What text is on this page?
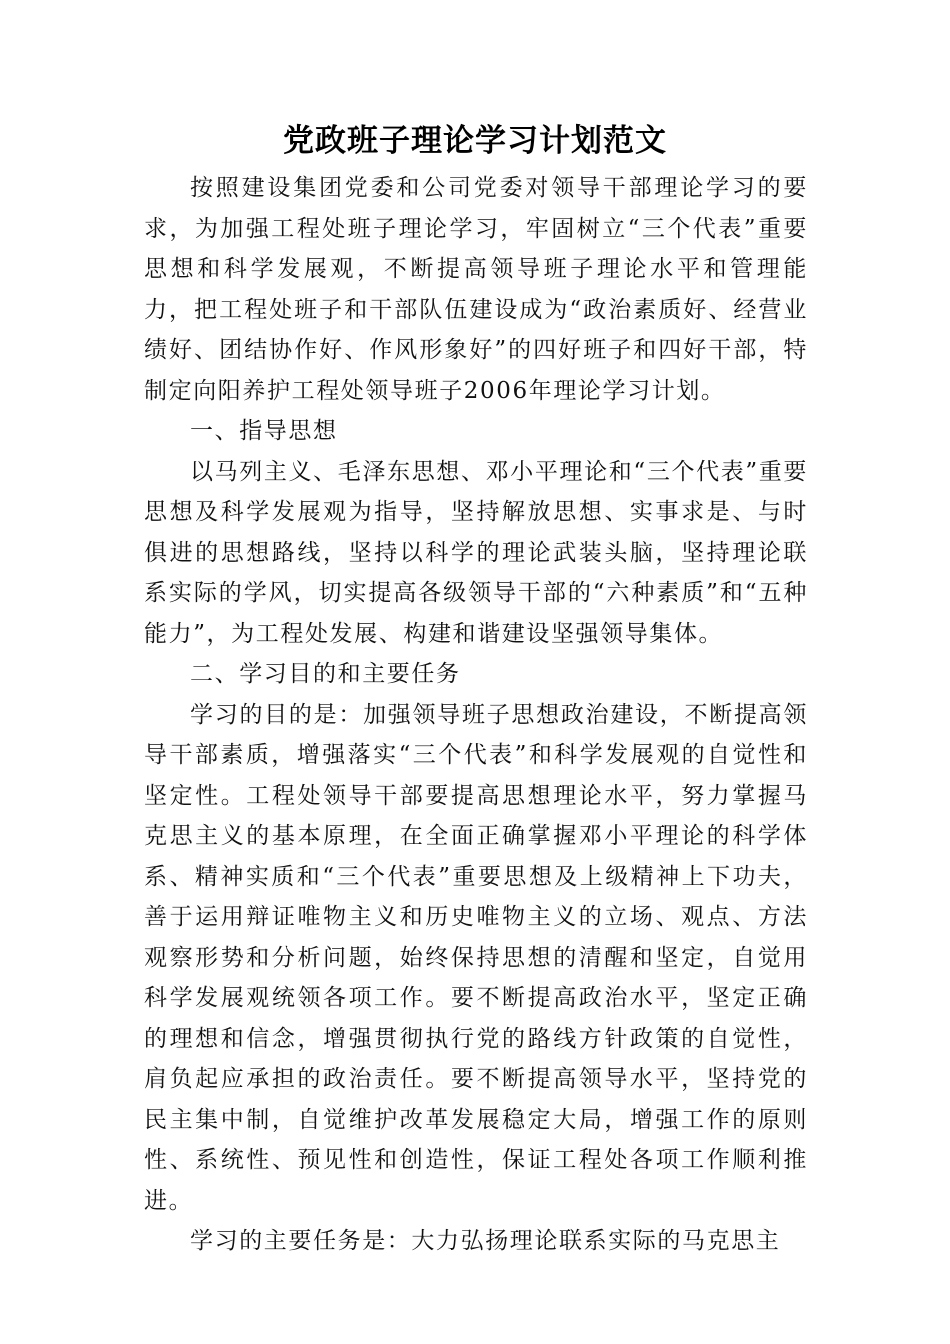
党政班子理论学习计划范文

按照建设集团党委和公司党委对领导干部理论学习的要求，为加强工程处班子理论学习，牢固树立“三个代表”重要思想和科学发展观，不断提高领导班子理论水平和管理能力，把工程处班子和干部队伍建设成为“政治素质好、经营业绩好、团结协作好、作风形象好”的四好班子和四好干部，特制定向阳养护工程处领导班子2006年理论学习计划。

一、指导思想

以马列主义、毛泽东思想、邓小平理论和“三个代表”重要思想及科学发展观为指导，坚持解放思想、实事求是、与时俱进的思想路线，坚持以科学的理论武装头脑，坚持理论联系实际的学风，切实提高各级领导干部的“六种素质”和“五种能力”，为工程处发展、构建和谐建设坚强领导集体。

二、学习目的和主要任务

学习的目的是：加强领导班子思想政治建设，不断提高领导干部素质，增强落实“三个代表”和科学发展观的自觉性和坚定性。工程处领导干部要提高思想理论水平，努力掌握马克思主义的基本原理，在全面正确掌握邓小平理论的科学体系、精神实质和“三个代表”重要思想及上级精神上下功夫，善于运用辩证唯物主义和历史唯物主义的立场、观点、方法观察形势和分析问题，始终保持思想的清醒和坚定，自觉用科学发展观统领各项工作。要不断提高政治水平，坚定正确的理想和信念，增强贯彻执行党的路线方针政策的自觉性，肩负起应承担的政治责任。要不断提高领导水平，坚持党的民主集中制，自觉维护改革发展稳定大局，增强工作的原则性、系统性、预见性和创造性，保证工程处各项工作顺利推进。

学习的主要任务是：大力弘扬理论联系实际的马克思主
